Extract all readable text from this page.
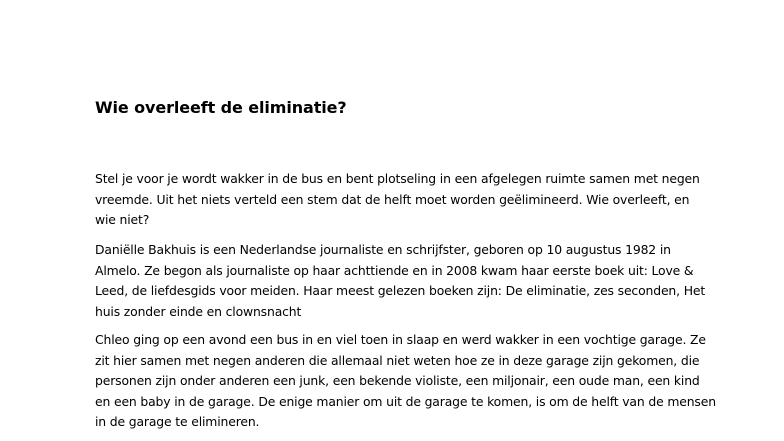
Wie overleeft de eliminatie?

Stel je voor je wordt wakker in de bus en bent plotseling in een afgelegen ruimte samen met negen
vreemde. Uit het niets verteld een stem dat de helft moet worden geëlimineerd. Wie overleeft, en
wie niet?

Daniëlle Bakhuis is een Nederlandse journaliste en schrijfster, geboren op 10 augustus 1982 in
Almelo. Ze begon als journaliste op haar achttiende en in 2008 kwam haar eerste boek uit: Love &
Leed, de liefdesgids voor meiden. Haar meest gelezen boeken zijn: De eliminatie, zes seconden, Het
huis zonder einde en clownsnacht

Chleo ging op een avond een bus in en viel toen in slaap en werd wakker in een vochtige garage. Ze
zit hier samen met negen anderen die allemaal niet weten hoe ze in deze garage zijn gekomen, die
personen zijn onder anderen een junk, een bekende violiste, een miljonair, een oude man, een kind
en een baby in de garage. De enige manier om uit de garage te komen, is om de helft van de mensen
in de garage te elimineren.
